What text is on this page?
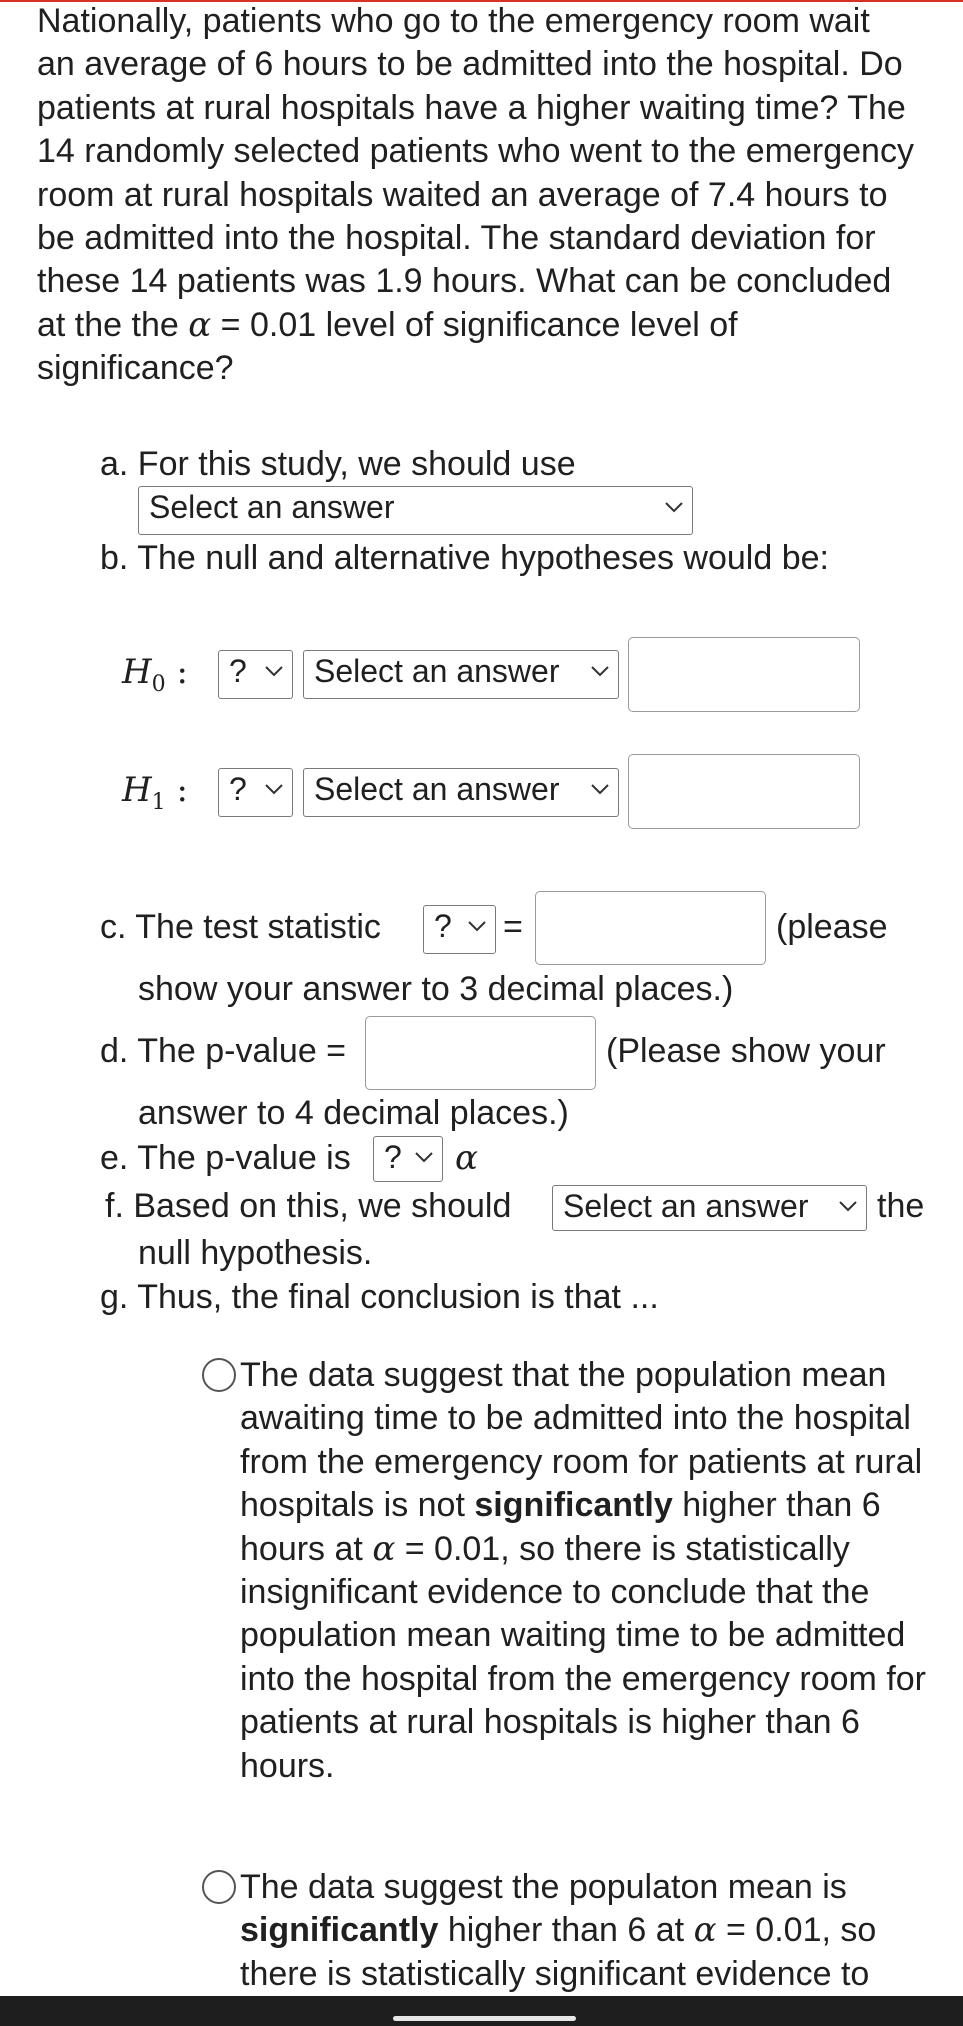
Nationally, patients who go to the emergency room wait an average of 6 hours to be admitted into the hospital. Do patients at rural hospitals have a higher waiting time? The 14 randomly selected patients who went to the emergency room at rural hospitals waited an average of 7.4 hours to be admitted into the hospital. The standard deviation for these 14 patients was 1.9 hours. What can be concluded at the the α = 0.01 level of significance level of significance?

a. For this study, we should use
Select an answer
b. The null and alternative hypotheses would be:
$H_0$ :	?	Select an answer
$H_1$ :	?	Select an answer
c. The test statistic	?	=	(please
show your answer to 3 decimal places.)
d. The p-value =	(Please show your
answer to 4 decimal places.)
e. The p-value is	?	α
f. Based on this, we should	Select an answer	the
null hypothesis.
g. Thus, the final conclusion is that ...

The data suggest that the population mean awaiting time to be admitted into the hospital from the emergency room for patients at rural hospitals is not significantly higher than 6 hours at α = 0.01, so there is statistically insignificant evidence to conclude that the population mean waiting time to be admitted into the hospital from the emergency room for patients at rural hospitals is higher than 6 hours.

The data suggest the populaton mean is significantly higher than 6 at α = 0.01, so there is statistically significant evidence to
